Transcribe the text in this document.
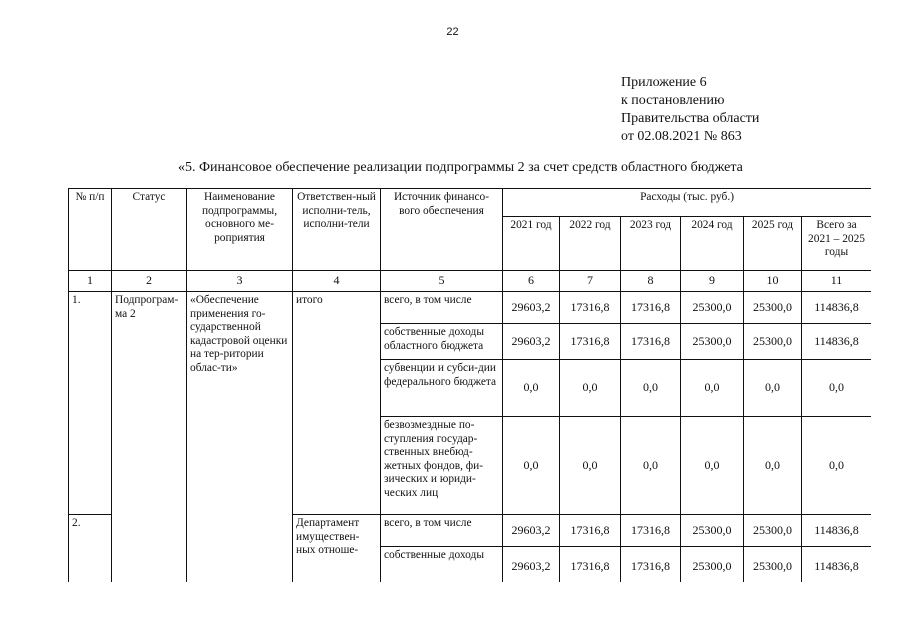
22
Приложение 6
к постановлению
Правительства области
от 02.08.2021 № 863
«5. Финансовое обеспечение реализации подпрограммы 2 за счет средств областного бюджета
№ п/п	Статус	Наименование подпрограммы, основного ме-роприятия	Ответствен-ный исполни-тель, исполни-тели	Источник финансо-вого обеспечения	Расходы (тыс. руб.)					
					2021 год	2022 год	2023 год	2024 год	2025 год	Всего за 2021 – 2025 годы
1	2	3	4	5	6	7	8	9	10	11
1.	Подпрограм-ма 2	«Обеспечение применения го-сударственной кадастровой оценки на тер-ритории облас-ти»	итого	всего, в том числе	29603,2	17316,8	17316,8	25300,0	25300,0	114836,8
				собственные доходы областного бюджета	29603,2	17316,8	17316,8	25300,0	25300,0	114836,8
				субвенции и субси-дии федерального бюджета	0,0	0,0	0,0	0,0	0,0	0,0
				безвозмездные по-ступления государ-ственных внебюд-жетных фондов, фи-зических и юриди-ческих лиц	0,0	0,0	0,0	0,0	0,0	0,0
2.			Департамент имуществен-ных отноше-	всего, в том числе	29603,2	17316,8	17316,8	25300,0	25300,0	114836,8
				собственные доходы	29603,2	17316,8	17316,8	25300,0	25300,0	114836,8
